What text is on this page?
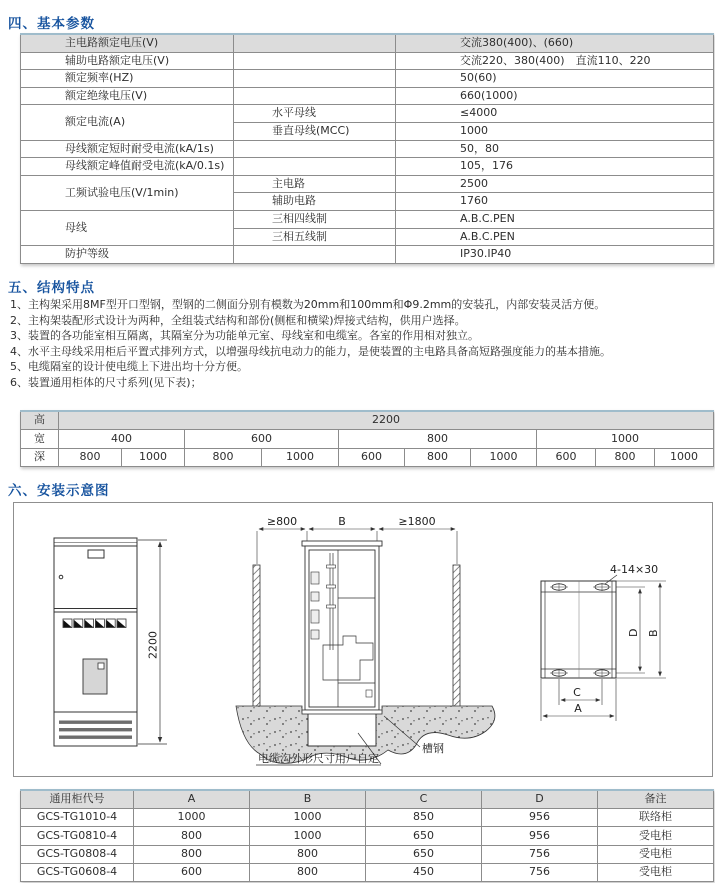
四、基本参数
主电路额定电压(V)		交流380(400)、(660)
辅助电路额定电压(V)		交流220、380(400)　直流110、220
额定频率(HZ)		50(60)
额定绝缘电压(V)		660(1000)
额定电流(A)	水平母线	≤4000
	垂直母线(MCC)	1000
母线额定短时耐受电流(kA/1s)		50，80
母线额定峰值耐受电流(kA/0.1s)		105，176
工频试验电压(V/1min)	主电路	2500
	辅助电路	1760
母线	三相四线制	A.B.C.PEN
	三相五线制	A.B.C.PEN
防护等级		IP30.IP40
五、结构特点
1、主构架采用8MF型开口型钢，型钢的二侧面分别有模数为20mm和100mm和Φ9.2mm的安装孔，内部安装灵活方便。
2、主构架装配形式设计为两种，全组装式结构和部份(侧框和横梁)焊接式结构，供用户选择。
3、装置的各功能室相互隔离，其隔室分为功能单元室、母线室和电缆室。各室的作用相对独立。
4、水平主母线采用柜后平置式排列方式，以增强母线抗电动力的能力，是使装置的主电路具备高短路强度能力的基本措施。
5、电缆隔室的设计使电缆上下进出均十分方便。
6、装置通用柜体的尺寸系列(见下表)；
高	2200									
宽	400		600		800			1000		
深	800	1000	800	1000	600	800	1000	600	800	1000
六、安装示意图
2200
≥800	B	≥1800
槽钢
电缆沟外形尺寸用户自定
4-14×30
D B
C
A
通用柜代号	A	B	C	D	备注
GCS-TG1010-4	1000	1000	850	956	联络柜
GCS-TG0810-4	800	1000	650	956	受电柜
GCS-TG0808-4	800	800	650	756	受电柜
GCS-TG0608-4	600	800	450	756	受电柜
